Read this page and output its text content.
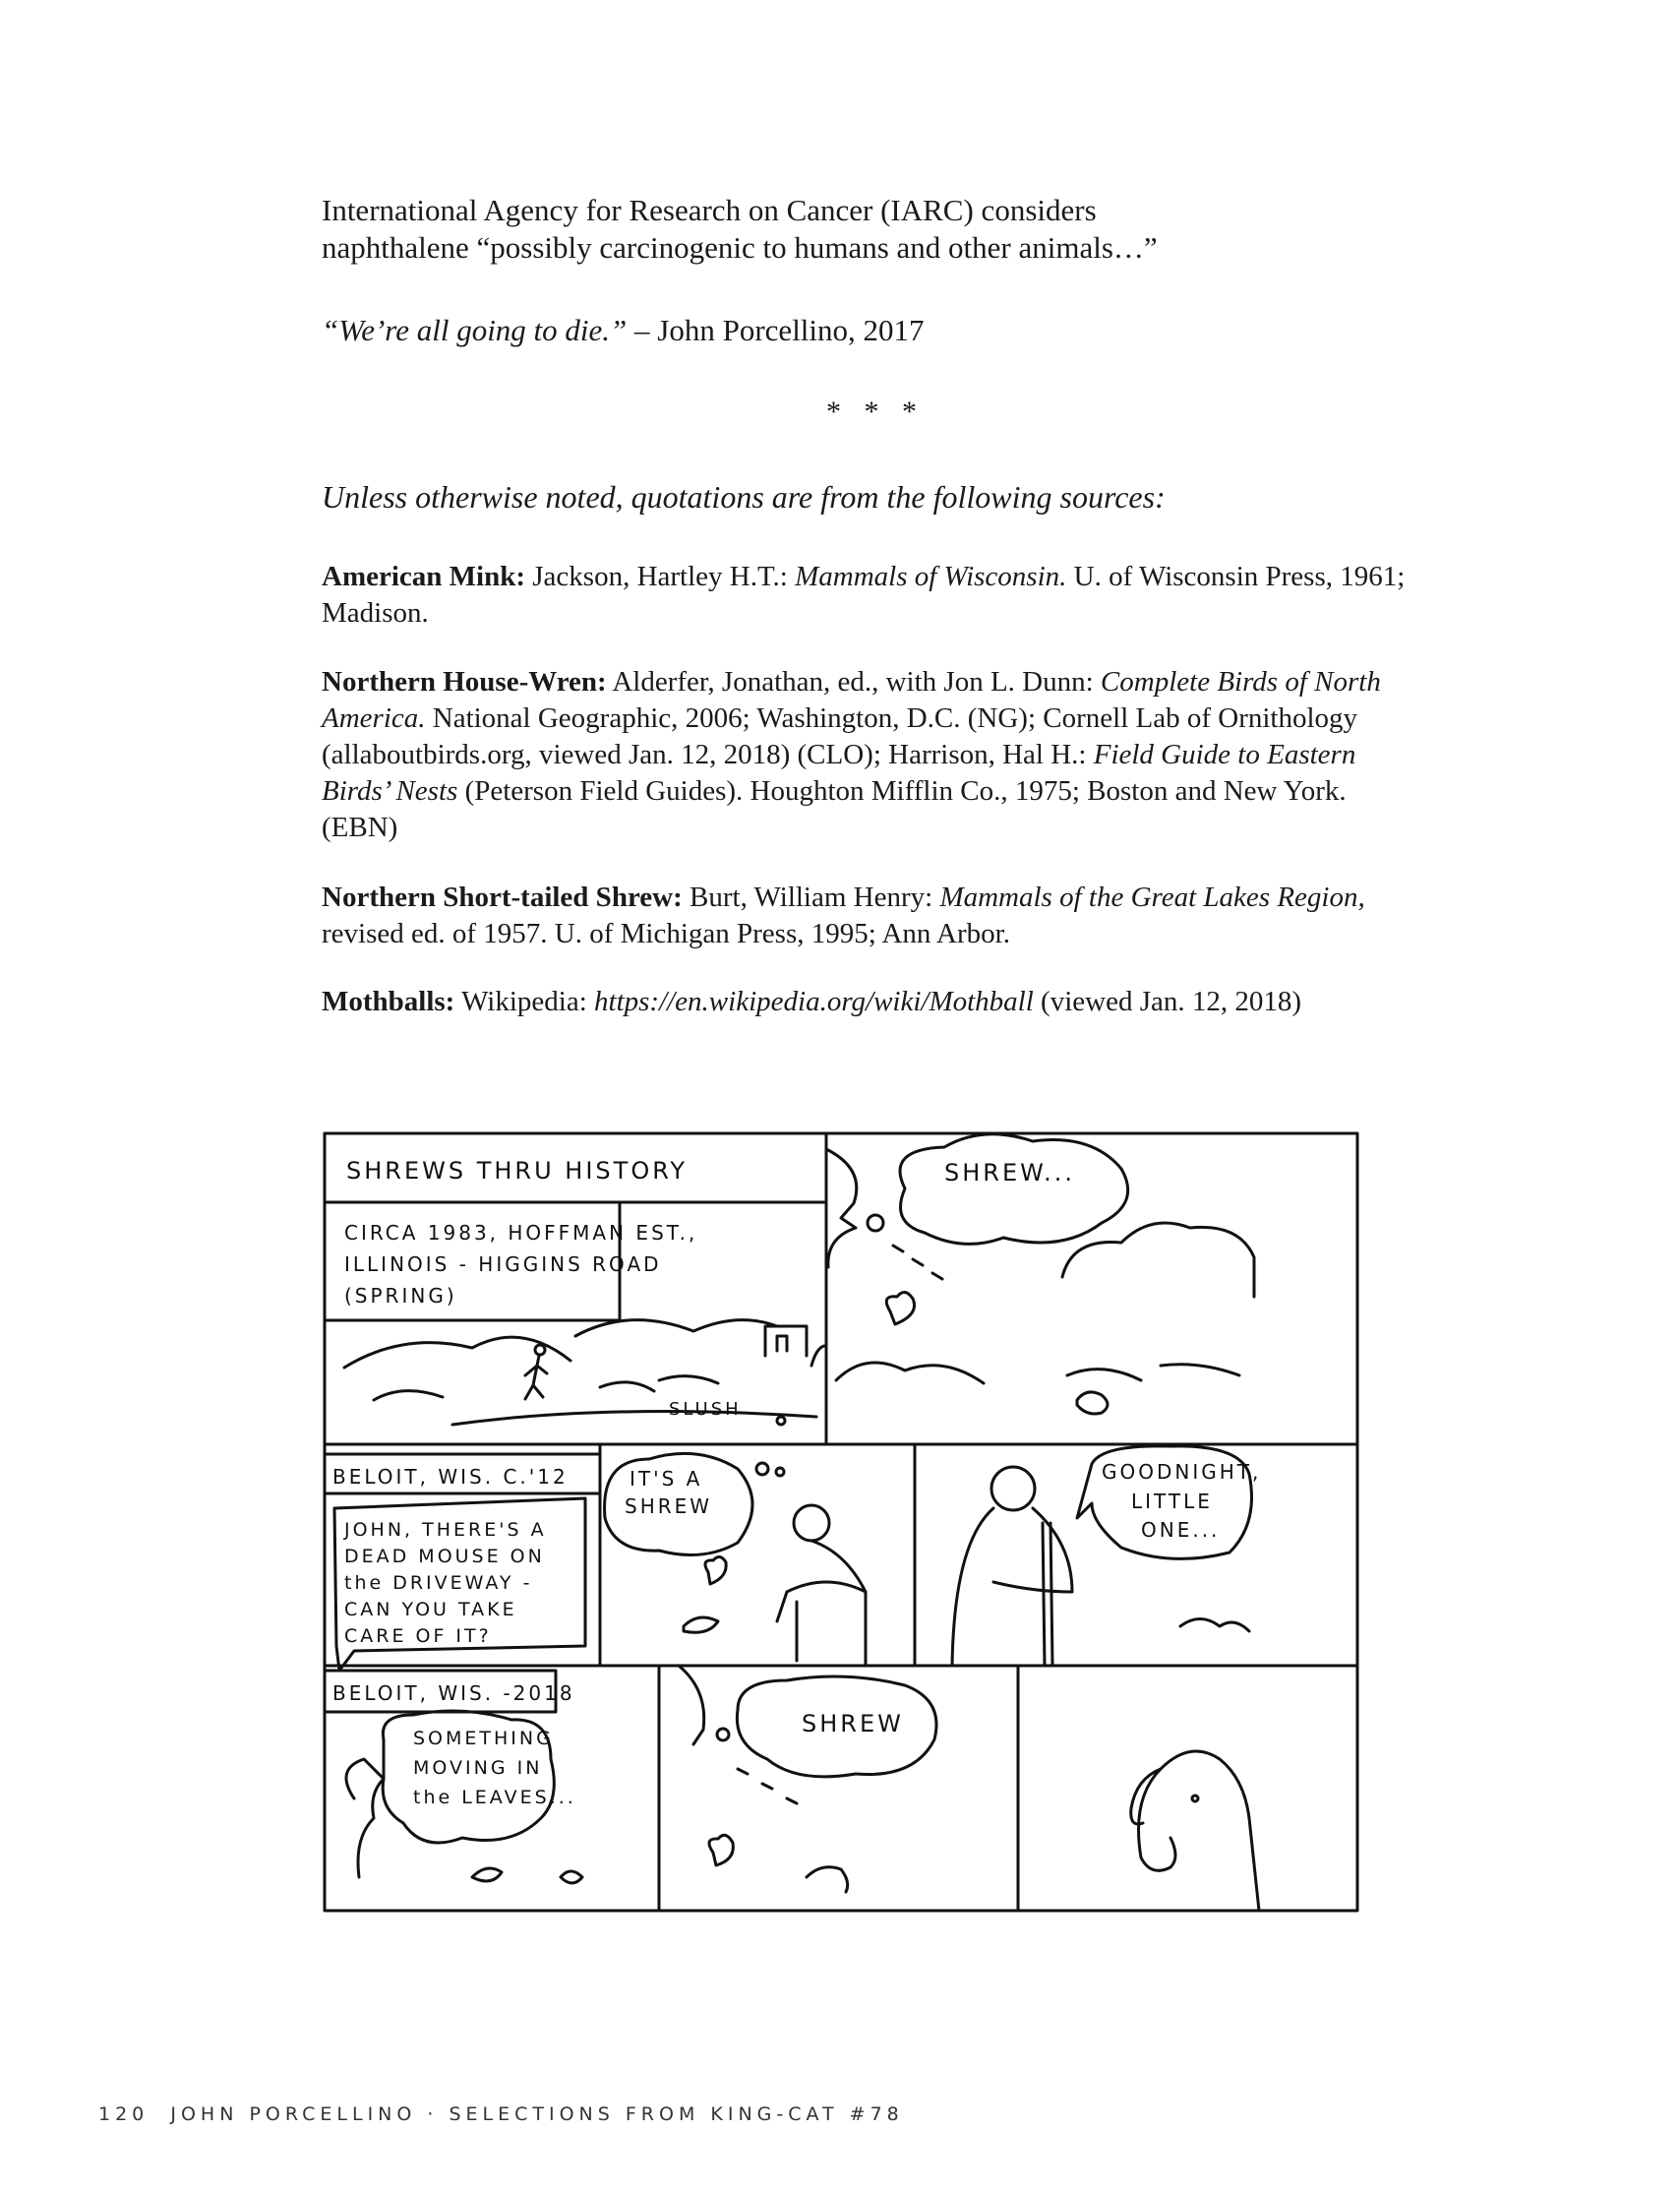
International Agency for Research on Cancer (IARC) considers

naphthalene “possibly carcinogenic to humans and other animals…”

“We’re all going to die.” – John Porcellino, 2017
* * *
Unless otherwise noted, quotations are from the following sources:

American Mink: Jackson, Hartley H.T.: Mammals of Wisconsin. U. of Wisconsin Press, 1961; Madison.

Northern House-Wren: Alderfer, Jonathan, ed., with Jon L. Dunn: Complete Birds of North America. National Geographic, 2006; Washington, D.C. (NG); Cornell Lab of Ornithology (allaboutbirds.org, viewed Jan. 12, 2018) (CLO); Harrison, Hal H.: Field Guide to Eastern Birds’ Nests (Peterson Field Guides). Houghton Mifflin Co., 1975; Boston and New York. (EBN)

Northern Short-tailed Shrew: Burt, William Henry: Mammals of the Great Lakes Region, revised ed. of 1957. U. of Michigan Press, 1995; Ann Arbor.

Mothballs: Wikipedia: https://en.wikipedia.org/wiki/Mothball (viewed Jan. 12, 2018)

SHREWS THRU HISTORY
CIRCA 1983, HOFFMAN EST.,
ILLINOIS - HIGGINS ROAD
(SPRING)
SLUSH
SHREW...
BELOIT, WIS. C.'12
JOHN, THERE'S A
DEAD MOUSE ON
the DRIVEWAY -
CAN YOU TAKE
CARE OF IT?
IT'S A
SHREW
GOODNIGHT,
LITTLE
ONE...
BELOIT, WIS. -2018
SOMETHING
MOVING IN
the LEAVES...
SHREW
120 JOHN PORCELLINO · SELECTIONS FROM KING-CAT #78
